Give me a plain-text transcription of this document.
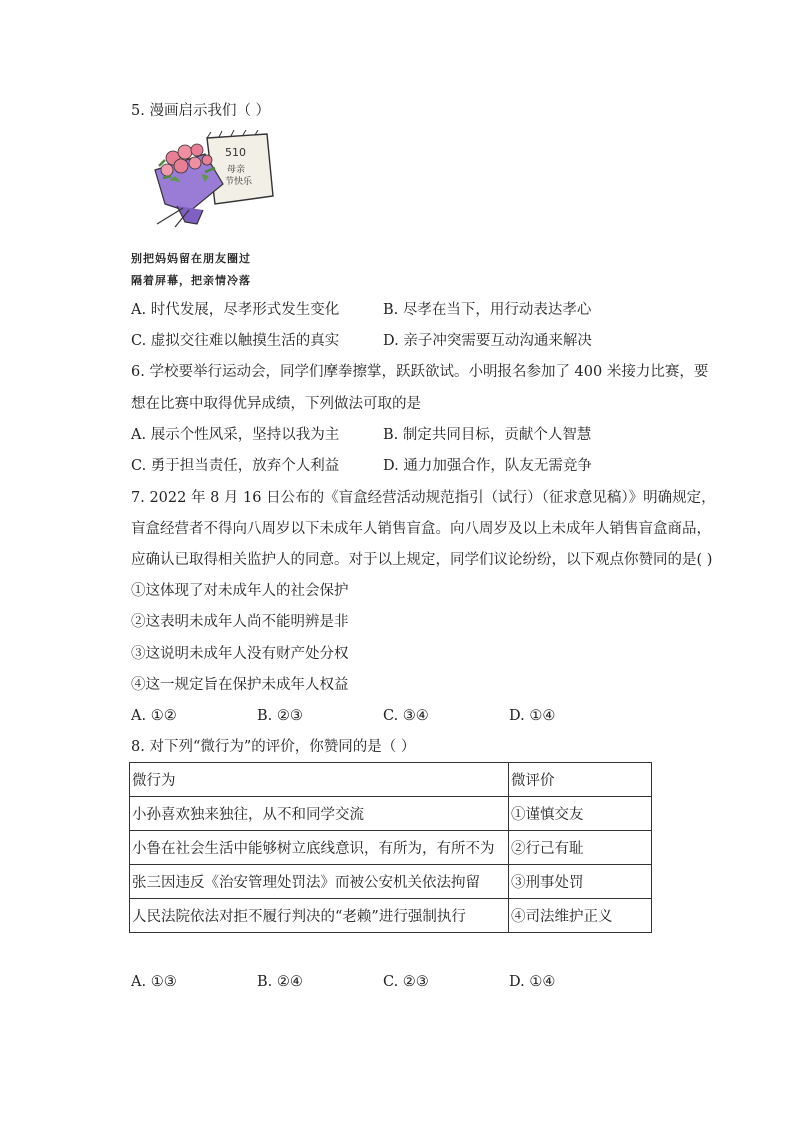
5. 漫画启示我们（ ）
510
母亲
节快乐
别把妈妈留在朋友圈过
隔着屏幕，把亲情冷落
A. 时代发展，尽孝形式发生变化	B. 尽孝在当下，用行动表达孝心
C. 虚拟交往难以触摸生活的真实	D. 亲子冲突需要互动沟通来解决
6. 学校要举行运动会，同学们摩拳擦掌，跃跃欲试。小明报名参加了 400 米接力比赛，要
想在比赛中取得优异成绩，下列做法可取的是
A. 展示个性风采，坚持以我为主	B. 制定共同目标，贡献个人智慧
C. 勇于担当责任，放弃个人利益	D. 通力加强合作，队友无需竞争
7. 2022 年 8 月 16 日公布的《盲盒经营活动规范指引（试行）（征求意见稿）》明确规定，
盲盒经营者不得向八周岁以下未成年人销售盲盒。向八周岁及以上未成年人销售盲盒商品，
应确认已取得相关监护人的同意。对于以上规定，同学们议论纷纷，以下观点你赞同的是( )
①这体现了对未成年人的社会保护
②这表明未成年人尚不能明辨是非
③这说明未成年人没有财产处分权
④这一规定旨在保护未成年人权益
A. ①②	B. ②③	C. ③④	D. ①④
8. 对下列“微行为”的评价，你赞同的是（ ）
微行为	微评价
小孙喜欢独来独往，从不和同学交流	①谨慎交友
小鲁在社会生活中能够树立底线意识，有所为，有所不为	②行己有耻
张三因违反《治安管理处罚法》而被公安机关依法拘留	③刑事处罚
人民法院依法对拒不履行判决的“老赖”进行强制执行	④司法维护正义
A. ①③	B. ②④	C. ②③	D. ①④
